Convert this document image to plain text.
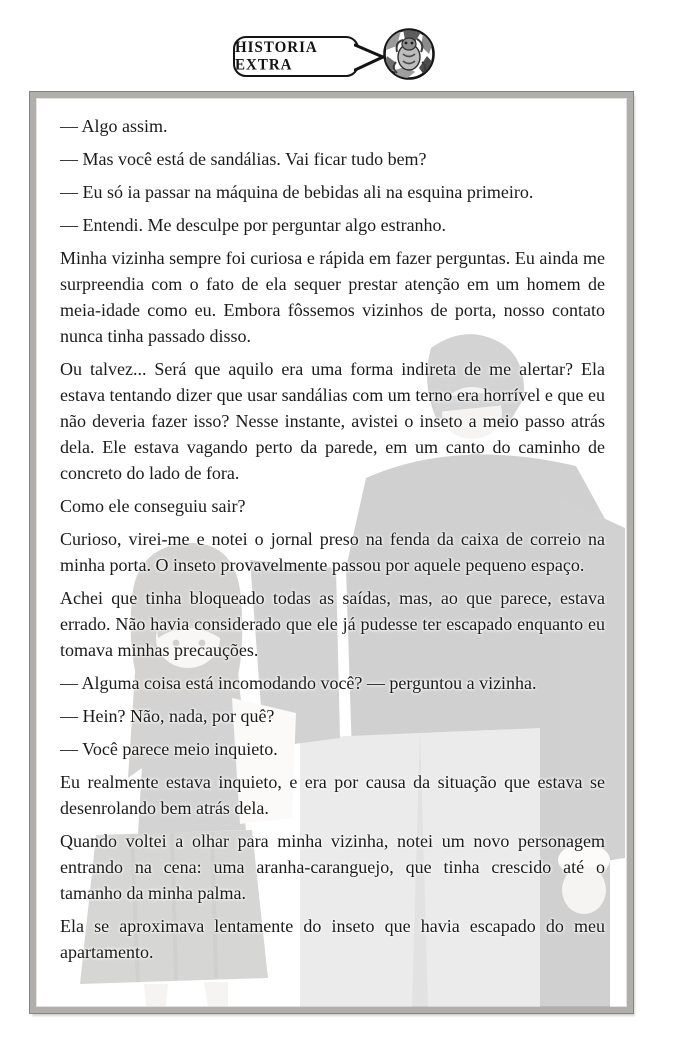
HISTORIA EXTRA

— Algo assim.

— Mas você está de sandálias. Vai ficar tudo bem?

— Eu só ia passar na máquina de bebidas ali na esquina primeiro.

— Entendi. Me desculpe por perguntar algo estranho.

Minha vizinha sempre foi curiosa e rápida em fazer perguntas. Eu ainda me surpreendia com o fato de ela sequer prestar atenção em um homem de meia-idade como eu. Embora fôssemos vizinhos de porta, nosso contato nunca tinha passado disso.

Ou talvez... Será que aquilo era uma forma indireta de me alertar? Ela estava tentando dizer que usar sandálias com um terno era horrível e que eu não deveria fazer isso? Nesse instante, avistei o inseto a meio passo atrás dela. Ele estava vagando perto da parede, em um canto do caminho de concreto do lado de fora.

Como ele conseguiu sair?

Curioso, virei-me e notei o jornal preso na fenda da caixa de correio na minha porta. O inseto provavelmente passou por aquele pequeno espaço.

Achei que tinha bloqueado todas as saídas, mas, ao que parece, estava errado. Não havia considerado que ele já pudesse ter escapado enquanto eu tomava minhas precauções.

— Alguma coisa está incomodando você? — perguntou a vizinha.

— Hein? Não, nada, por quê?

— Você parece meio inquieto.

Eu realmente estava inquieto, e era por causa da situação que estava se desenrolando bem atrás dela.

Quando voltei a olhar para minha vizinha, notei um novo personagem entrando na cena: uma aranha-caranguejo, que tinha crescido até o tamanho da minha palma.

Ela se aproximava lentamente do inseto que havia escapado do meu apartamento.
